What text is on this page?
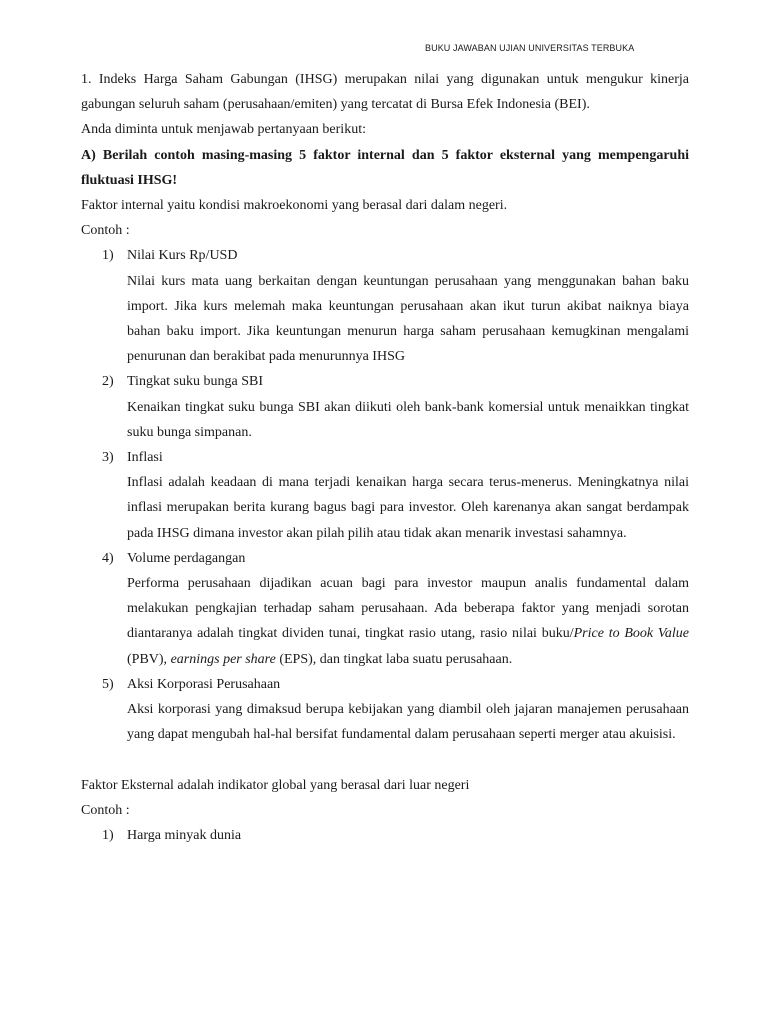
BUKU JAWABAN UJIAN UNIVERSITAS TERBUKA

1. Indeks Harga Saham Gabungan (IHSG) merupakan nilai yang digunakan untuk mengukur kinerja gabungan seluruh saham (perusahaan/emiten) yang tercatat di Bursa Efek Indonesia (BEI).

Anda diminta untuk menjawab pertanyaan berikut:

A) Berilah contoh masing-masing 5 faktor internal dan 5 faktor eksternal yang mempengaruhi fluktuasi IHSG!

Faktor internal yaitu kondisi makroekonomi yang berasal dari dalam negeri.

Contoh :

1) Nilai Kurs Rp/USD

Nilai kurs mata uang berkaitan dengan keuntungan perusahaan yang menggunakan bahan baku import. Jika kurs melemah maka keuntungan perusahaan akan ikut turun akibat naiknya biaya bahan baku import. Jika keuntungan menurun harga saham perusahaan kemugkinan mengalami penurunan dan berakibat pada menurunnya IHSG

2) Tingkat suku bunga SBI

Kenaikan tingkat suku bunga SBI akan diikuti oleh bank-bank komersial untuk menaikkan tingkat suku bunga simpanan.

3) Inflasi

Inflasi adalah keadaan di mana terjadi kenaikan harga secara terus-menerus. Meningkatnya nilai inflasi merupakan berita kurang bagus bagi para investor. Oleh karenanya akan sangat berdampak pada IHSG dimana investor akan pilah pilih atau tidak akan menarik investasi sahamnya.

4) Volume perdagangan

Performa perusahaan dijadikan acuan bagi para investor maupun analis fundamental dalam melakukan pengkajian terhadap saham perusahaan. Ada beberapa faktor yang menjadi sorotan diantaranya adalah tingkat dividen tunai, tingkat rasio utang, rasio nilai buku/Price to Book Value (PBV), earnings per share (EPS), dan tingkat laba suatu perusahaan.

5) Aksi Korporasi Perusahaan

Aksi korporasi yang dimaksud berupa kebijakan yang diambil oleh jajaran manajemen perusahaan yang dapat mengubah hal-hal bersifat fundamental dalam perusahaan seperti merger atau akuisisi.

Faktor Eksternal adalah indikator global yang berasal dari luar negeri

Contoh :

1) Harga minyak dunia
